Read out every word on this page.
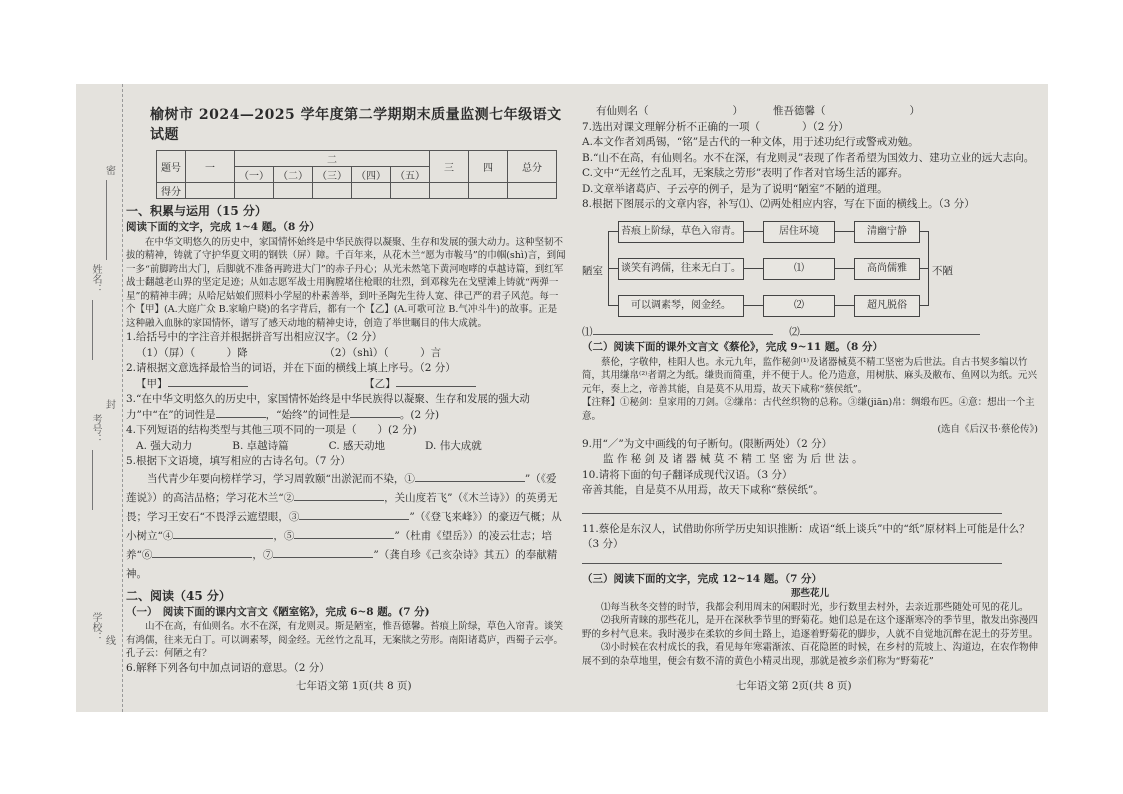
密
姓名：
封
考号：
学校： 线
榆树市 2024—2025 学年度第二学期期末质量监测七年级语文试题
题号	一	二					三	四	总分
		（一）	（二）	（三）	（四）	（五）			
得分									
一、积累与运用（15 分）

阅读下面的文字，完成 1~4 题。（8 分）

在中华文明悠久的历史中，家国情怀始终是中华民族得以凝聚、生存和发展的强大动力。这种坚韧不拔的精神，铸就了守护华夏文明的钢铁（屏）障。千百年来，从花木兰“愿为市鞍马”的巾帼(shì)言，到闻一多“前脚跨出大门，后脚就不准备再跨进大门”的赤子丹心；从光未然笔下黄河咆哮的卓越诗篇，到红军战士翻越老山界的坚定足迹；从如志愿军战士用胸膛堵住枪眼的壮烈，到邓稼先在戈壁滩上铸就“两弹一星”的精神丰碑；从哈尼姑娘们照料小学屋的朴素善举，到叶圣陶先生待人宽、律己严的君子风范。每一个【甲】(A.大庭广众 B.家喻户晓)的名字背后，都有一个【乙】(A.可歌可泣 B.气冲斗牛)的故事。正是这种融入血脉的家国情怀，谱写了感天动地的精神史诗，创造了举世瞩目的伟大成就。

1.给括号中的字注音并根据拼音写出相应汉字。（2 分）

（1）（屏）（　　　）降	（2）（shì）（　　　）言

2.请根据文意选择最恰当的词语，并在下面的横线上填上序号。（2 分）

【甲】	【乙】

3.“在中华文明悠久的历史中，家国情怀始终是中华民族得以凝聚、生存和发展的强大动力”中“在”的词性是	，“始终”的词性是	。(2 分)

4.下列短语的结构类型与其他三项不同的一项是（　　）(2 分)

A. 强大动力	B. 卓越诗篇	C. 感天动地	D. 伟大成就

5.根据下文语境，填写相应的古诗名句。（7 分）

当代青少年要向榜样学习，学习周敦颐“出淤泥而不染，①	”（《爱莲说》）的高洁品格；学习花木兰“②	，关山度若飞”（《木兰诗》）的英勇无畏；学习王安石“不畏浮云遮望眼，③	”（《登飞来峰》）的豪迈气概；从小树立“④	，⑤	”（杜甫《望岳》）的凌云壮志；培养“⑥	，⑦	”（龚自珍《己亥杂诗》其五）的奉献精神。

二、阅读（45 分）

（一）　阅读下面的课内文言文《陋室铭》，完成 6~8 题。(7 分)

山不在高，有仙则名。水不在深，有龙则灵。斯是陋室，惟吾德馨。苔痕上阶绿，草色入帘青。谈笑有鸿儒，往来无白丁。可以调素琴，阅金经。无丝竹之乱耳，无案牍之劳形。南阳诸葛庐，西蜀子云亭。孔子云：何陋之有？

6.解释下列各句中加点词语的意思。（2 分）

七年语文第 1页(共 8 页)

有仙则名（　　　　　　　　）	惟吾德馨（　　　　　　　　）

7.选出对课文理解分析不正确的一项（　　　　）（2 分）

A.本文作者刘禹锡，“铭”是古代的一种文体，用于述功纪行或警戒劝勉。

B.“山不在高，有仙则名。水不在深，有龙则灵”表现了作者希望为国效力、建功立业的远大志向。

C.文中“无丝竹之乱耳，无案牍之劳形”表明了作者对官场生活的鄙弃。

D.文章举诸葛庐、子云亭的例子，是为了说明“陋室”不陋的道理。

8.根据下图展示的文章内容，补写⑴、⑵两处相应内容，写在下面的横线上。（3 分）

陋室
苔痕上阶绿，草色入帘青。	居住环境	清幽宁静
谈笑有鸿儒，往来无白丁。	⑴	高尚儒雅
可以调素琴，阅金经。	⑵	超凡脱俗
不陋

⑴	⑵

（二）阅读下面的课外文言文《蔡伦》，完成 9~11 题。（8 分）

蔡伦，字敬仲，桂阳人也。永元九年，监作秘剑⁽¹⁾及诸器械莫不精工坚密为后世法。自古书契多编以竹简，其用缣帛⁽²⁾者谓之为纸。缣贵而简重，并不便于人。伦乃造意，用树肤、麻头及敝布、鱼网以为纸。元兴元年，奏上之，帝善其能，自是莫不从用焉，故天下咸称“蔡侯纸”。

【注释】①秘剑：皇家用的刀剑。②缣帛：古代丝织物的总称。③缣(jiān)帛：绸缎布匹。④意：想出一个主意。

(选自《后汉书·蔡伦传》)

9.用“／”为文中画线的句子断句。(限断两处）（2 分）

监 作 秘 剑 及 诸 器 械 莫 不 精 工 坚 密 为 后 世 法 。

10.请将下面的句子翻译成现代汉语。（3 分）

帝善其能，自是莫不从用焉，故天下咸称“蔡侯纸”。

11.蔡伦是东汉人，试借助你所学历史知识推断：成语“纸上谈兵”中的“纸”原材料上可能是什么？（3 分）

（三）阅读下面的文字，完成 12~14 题。（7 分）

那些花儿

⑴每当秋冬交替的时节，我都会利用周末的闲暇时光，步行数里去村外，去亲近那些随处可见的花儿。

⑵我所青睐的那些花儿，是开在深秋季节里的野菊花。她们总是在这个逐渐寒冷的季节里，散发出弥漫四野的乡村气息来。我时漫步在柔软的乡间土路上，追逐着野菊花的脚步，人就不自觉地沉醉在泥土的芬芳里。

⑶小时候在农村成长的我，看见每年寒霜渐浓、百花隐匿的时候，在乡村的荒坡上、沟道边，在农作物伸展不到的杂草地里，便会有数不清的黄色小精灵出现，那就是被乡亲们称为“野菊花”

七年语文第 2页(共 8 页)
